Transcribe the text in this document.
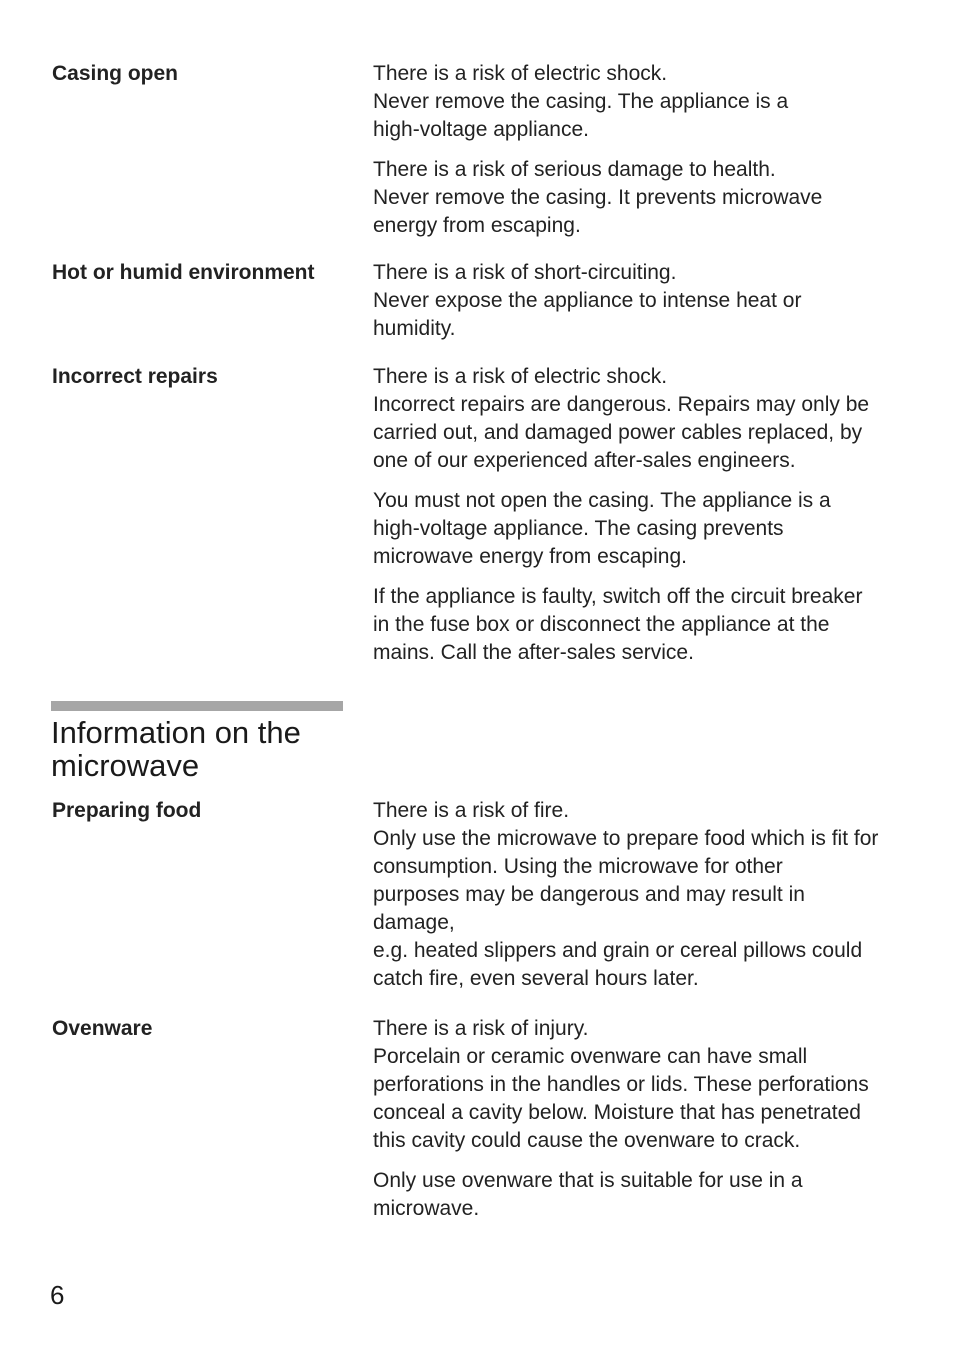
Casing open	There is a risk of electric shock.
Never remove the casing. The appliance is a
high-voltage appliance.

There is a risk of serious damage to health.
Never remove the casing. It prevents microwave
energy from escaping.

Hot or humid environment	There is a risk of short-circuiting.
Never expose the appliance to intense heat or
humidity.

Incorrect repairs	There is a risk of electric shock.
Incorrect repairs are dangerous. Repairs may only be
carried out, and damaged power cables replaced, by
one of our experienced after-sales engineers.

You must not open the casing. The appliance is a
high-voltage appliance. The casing prevents
microwave energy from escaping.

If the appliance is faulty, switch off the circuit breaker
in the fuse box or disconnect the appliance at the
mains. Call the after-sales service.

Information on the
microwave
Preparing food	There is a risk of fire.
Only use the microwave to prepare food which is fit for
consumption. Using the microwave for other
purposes may be dangerous and may result in
damage,
e.g. heated slippers and grain or cereal pillows could
catch fire, even several hours later.

Ovenware	There is a risk of injury.
Porcelain or ceramic ovenware can have small
perforations in the handles or lids. These perforations
conceal a cavity below. Moisture that has penetrated
this cavity could cause the ovenware to crack.

Only use ovenware that is suitable for use in a
microwave.

6
